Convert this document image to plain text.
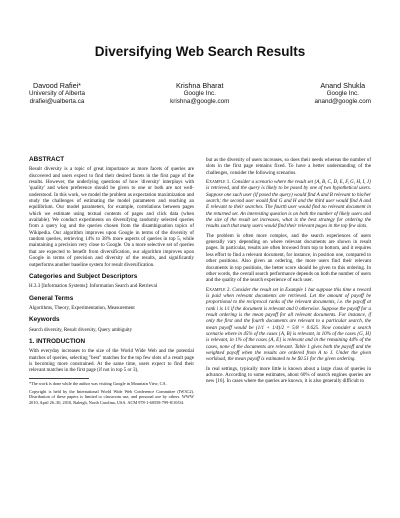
Diversifying Web Search Results
Davood Rafiei*
University of Alberta
drafiei@ualberta.ca
Krishna Bharat
Google Inc.
krishna@google.com
Anand Shukla
Google Inc.
anand@google.com
ABSTRACT

Result diversity is a topic of great importance as more facets of queries are discovered and users expect to find their desired facets in the first page of the results. However, the underlying questions of how 'diversity' interplays with 'quality' and when preference should be given to one or both are not well-understood. In this work, we model the problem as expectation maximization and study the challenges of estimating the model parameters and reaching an equilibrium. Our model parameters, for example, correlations between pages which we estimate using textual contents of pages and click data (when available). We conduct experiments on diversifying randomly selected queries from a query log and the queries chosen from the disambiguation topics of Wikipedia. Our algorithm improves upon Google in terms of the diversity of random queries, retrieving 14% to 38% more aspects of queries in top 5, while maintaining a precision very close to Google. On a more selective set of queries that are expected to benefit from diversification, our algorithm improves upon Google in terms of precision and diversity of the results, and significantly outperforms another baseline system for result diversification.

Categories and Subject Descriptors

H.3.3 [Information Systems]: Information Search and Retrieval

General Terms

Algorithms, Theory, Experimentation, Measurement

Keywords

Search diversity, Result diversity, Query ambiguity

1. INTRODUCTION

With everyday increases to the size of the World Wide Web and the potential matches of queries, selecting "best" matches for the top few slots of a result page is becoming more constrained. At the same time, users expect to find their relevant matches in the first page (if not in top 5 or 3),

*The work is done while the author was visiting Google in Mountain View, CA.

Copyright is held by the International World Wide Web Conference Committee (IW3C2). Distribution of these papers is limited to classroom use, and personal use by others. WWW 2010, April 26–30, 2010, Raleigh, North Carolina, USA. ACM 978-1-60558-799-8/10/04.

but as the diversity of users increases, so does their needs whereas the number of slots in the first page remains fixed. To have a better understanding of the challenges, consider the following scenarios.

Example 1. Consider a scenario where the result set {A, B, C, D, E, F, G, H, I, J} is retrieved, and the query is likely to be posed by one of two hypothetical users. Suppose one such user (if posed the query) would find A and B relevant to his/her search; the second user would find G and H and the third user would find A and E relevant to their searches. The fourth user would find no relevant document in the returned set. An interesting question is on both the number of likely users and the size of the result set increases, what is the best strategy for ordering the results such that many users would find their relevant pages in the top few slots.

The problem is often more complex, and the search experiences of users generally vary depending on where relevant documents are shown in result pages. In particular, results are often browsed from top to bottom, and it requires less effort to find a relevant document, for instance, in position one, compared to other positions. Also given an ordering, the more users find their relevant documents in top positions, the better score should be given to this ordering. In other words, the overall search performance depends on both the number of users and the quality of the search experience of each user.

Example 2. Consider the result set in Example 1 but suppose this time a reward is paid when relevant documents are retrieved. Let the amount of payoff be proportional to the reciprocal ranks of the relevant documents, i.e. the payoff at rank i is 1/i if the document is relevant and 0 otherwise. Suppose the payoff for a result ordering is the mean payoff for all relevant documents. For instance, if only the first and the fourth documents are relevant to a particular search, the mean payoff would be (1/1 + 1/4)/2 = 5/8 = 0.625. Now consider a search scenario where in 45% of the cases {A, B} is relevant, in 10% of the cases {G, H} is relevant, in 1% of the cases {A, E} is relevant and in the remaining 44% of the cases, none of the documents are relevant. Table 1 gives both the payoff and the weighted payoff when the results are ordered from A to J. Under the given workload, the mean payoff is estimated to be $0.51 for the given ordering.

In real settings, typically more little is known about a large class of queries in advance. According to some estimates, about 60% of search engines queries are new [16]. In cases where the queries are known, it is also generally difficult to
